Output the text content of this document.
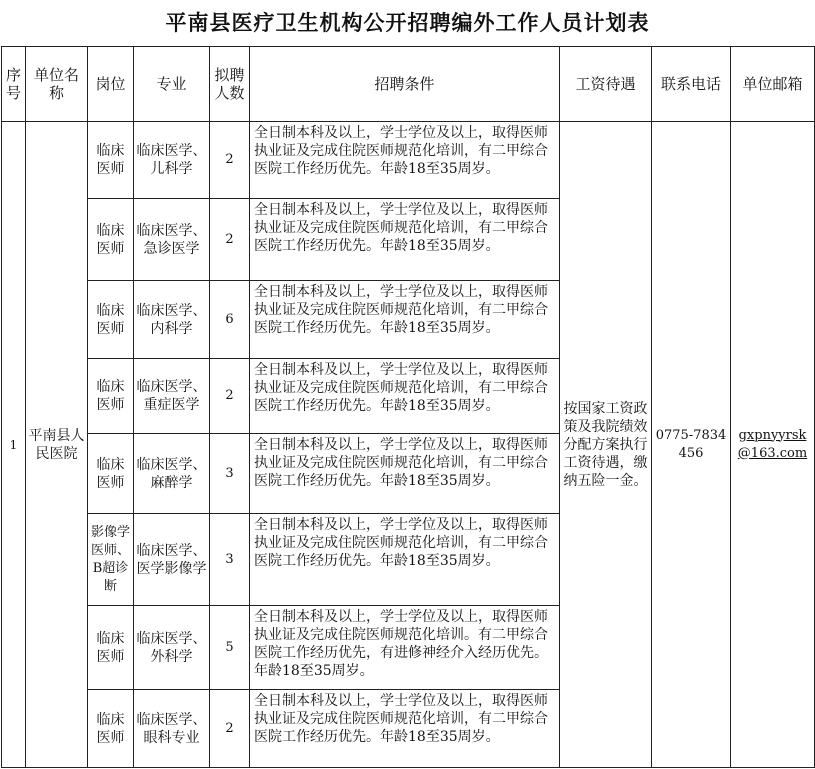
平南县医疗卫生机构公开招聘编外工作人员计划表
序号	单位名称	岗位	专业	拟聘人数	招聘条件	工资待遇	联系电话	单位邮箱
1	平南县人民医院	临床医师	临床医学、儿科学	2	全日制本科及以上，学士学位及以上，取得医师执业证及完成住院医师规范化培训，有二甲综合医院工作经历优先。年龄18至35周岁。	按国家工资政策及我院绩效分配方案执行工资待遇，缴纳五险一金。	0775-7834456	gxpnyyrsk@163.com
		临床医师	临床医学、急诊医学	2	全日制本科及以上，学士学位及以上，取得医师执业证及完成住院医师规范化培训，有二甲综合医院工作经历优先。年龄18至35周岁。			
		临床医师	临床医学、内科学	6	全日制本科及以上，学士学位及以上，取得医师执业证及完成住院医师规范化培训，有二甲综合医院工作经历优先。年龄18至35周岁。			
		临床医师	临床医学、重症医学	2	全日制本科及以上，学士学位及以上，取得医师执业证及完成住院医师规范化培训，有二甲综合医院工作经历优先。年龄18至35周岁。			
		临床医师	临床医学、麻醉学	3	全日制本科及以上，学士学位及以上，取得医师执业证及完成住院医师规范化培训，有二甲综合医院工作经历优先。年龄18至35周岁。			
		影像学医师、B超诊断	临床医学、医学影像学	3	全日制本科及以上，学士学位及以上，取得医师执业证及完成住院医师规范化培训，有二甲综合医院工作经历优先。年龄18至35周岁。			
		临床医师	临床医学、外科学	5	全日制本科及以上，学士学位及以上，取得医师执业证及完成住院医师规范化培训。有二甲综合医院工作经历优先，有进修神经介入经历优先。年龄18至35周岁。			
		临床医师	临床医学、眼科专业	2	全日制本科及以上，学士学位及以上，取得医师执业证及完成住院医师规范化培训，有二甲综合医院工作经历优先。年龄18至35周岁。			
